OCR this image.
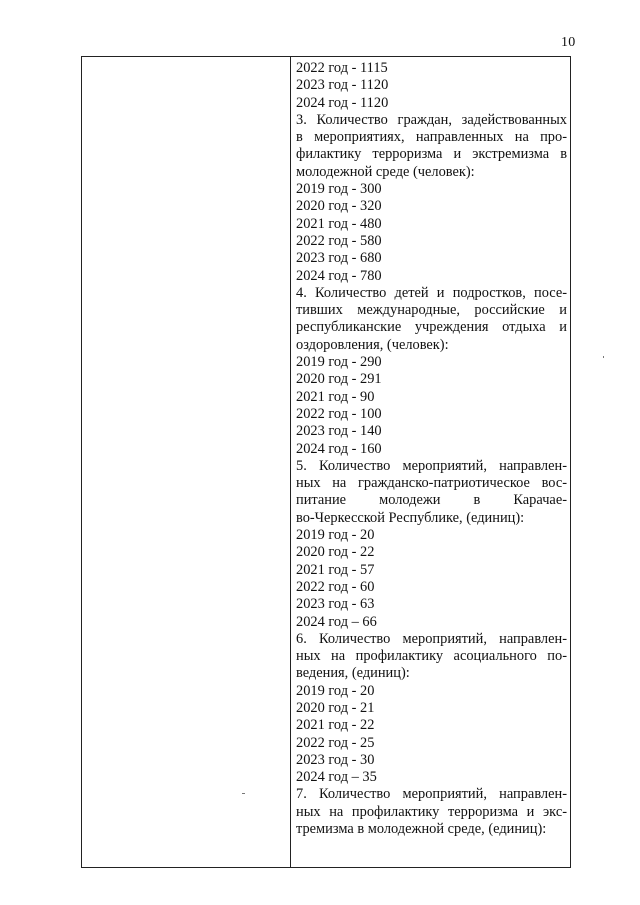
10
2022 год - 1115
2023 год - 1120
2024 год - 1120
3. Количество граждан, задействованных
в мероприятиях, направленных на про-
филактику терроризма и экстремизма в
молодежной среде (человек):
2019 год - 300
2020 год - 320
2021 год - 480
2022 год - 580
2023 год - 680
2024 год - 780
4. Количество детей и подростков, посе-
тивших международные, российские и
республиканские учреждения отдыха и
оздоровления, (человек):
2019 год - 290
2020 год - 291
2021 год - 90
2022 год - 100
2023 год - 140
2024 год - 160
5. Количество мероприятий, направлен-
ных на гражданско-патриотическое вос-
питание молодежи в Карачае-
во-Черкесской Республике, (единиц):
2019 год - 20
2020 год - 22
2021 год - 57
2022 год - 60
2023 год - 63
2024 год – 66
6. Количество мероприятий, направлен-
ных на профилактику асоциального по-
ведения, (единиц):
2019 год - 20
2020 год - 21
2021 год - 22
2022 год - 25
2023 год - 30
2024 год – 35
7. Количество мероприятий, направлен-
ных на профилактику терроризма и экс-
тремизма в молодежной среде, (единиц):
